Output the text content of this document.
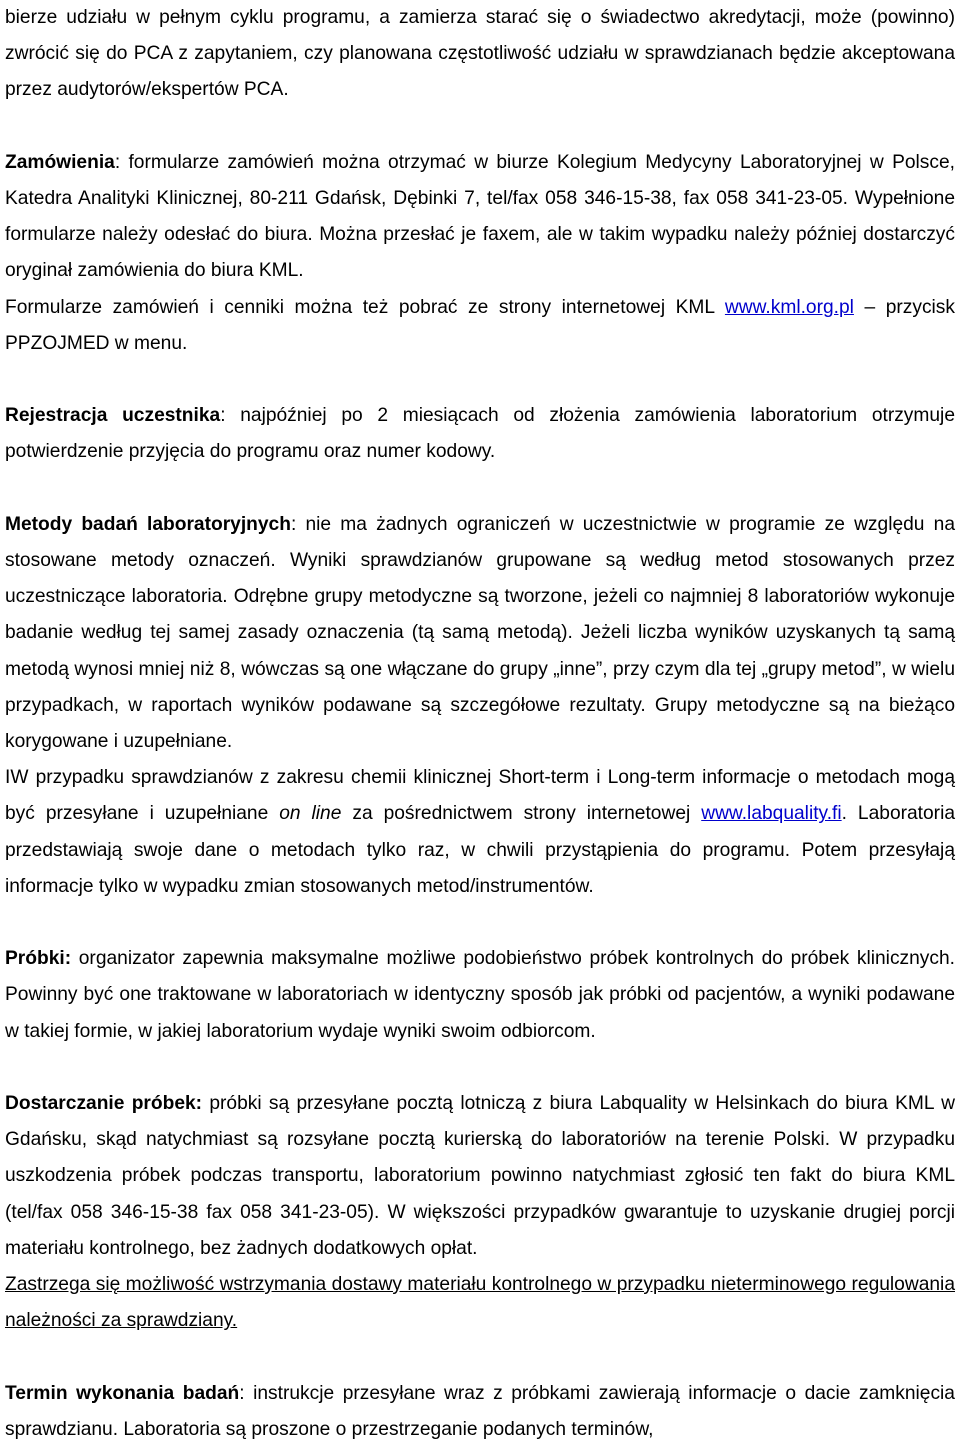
bierze udziału w pełnym cyklu programu, a zamierza starać się o świadectwo akredytacji, może (powinno) zwrócić się do PCA z zapytaniem, czy planowana częstotliwość udziału w sprawdzianach będzie akceptowana przez audytorów/ekspertów PCA.

Zamówienia: formularze zamówień można otrzymać w biurze Kolegium Medycyny Laboratoryjnej w Polsce, Katedra Analityki Klinicznej, 80-211 Gdańsk, Dębinki 7, tel/fax 058 346-15-38, fax 058 341-23-05. Wypełnione formularze należy odesłać do biura. Można przesłać je faxem, ale w takim wypadku należy później dostarczyć oryginał zamówienia do biura KML.

Formularze zamówień i cenniki można też pobrać ze strony internetowej KML www.kml.org.pl – przycisk PPZOJMED w menu.

Rejestracja uczestnika: najpóźniej po 2 miesiącach od złożenia zamówienia laboratorium otrzymuje potwierdzenie przyjęcia do programu oraz numer kodowy.

Metody badań laboratoryjnych: nie ma żadnych ograniczeń w uczestnictwie w programie ze względu na stosowane metody oznaczeń. Wyniki sprawdzianów grupowane są według metod stosowanych przez uczestniczące laboratoria. Odrębne grupy metodyczne są tworzone, jeżeli co najmniej 8 laboratoriów wykonuje badanie według tej samej zasady oznaczenia (tą samą metodą). Jeżeli liczba wyników uzyskanych tą samą metodą wynosi mniej niż 8, wówczas są one włączane do grupy „inne”, przy czym dla tej „grupy metod”, w wielu przypadkach, w raportach wyników podawane są szczegółowe rezultaty. Grupy metodyczne są na bieżąco korygowane i uzupełniane.

IW przypadku sprawdzianów z zakresu chemii klinicznej Short-term i Long-term informacje o metodach mogą być przesyłane i uzupełniane on line za pośrednictwem strony internetowej www.labquality.fi. Laboratoria przedstawiają swoje dane o metodach tylko raz, w chwili przystąpienia do programu. Potem przesyłają informacje tylko w wypadku zmian stosowanych metod/instrumentów.

Próbki: organizator zapewnia maksymalne możliwe podobieństwo próbek kontrolnych do próbek klinicznych. Powinny być one traktowane w laboratoriach w identyczny sposób jak próbki od pacjentów, a wyniki podawane w takiej formie, w jakiej laboratorium wydaje wyniki swoim odbiorcom.

Dostarczanie próbek: próbki są przesyłane pocztą lotniczą z biura Labquality w Helsinkach do biura KML w Gdańsku, skąd natychmiast są rozsyłane pocztą kurierską do laboratoriów na terenie Polski. W przypadku uszkodzenia próbek podczas transportu, laboratorium powinno natychmiast zgłosić ten fakt do biura KML (tel/fax 058 346-15-38 fax 058 341-23-05). W większości przypadków gwarantuje to uzyskanie drugiej porcji materiału kontrolnego, bez żadnych dodatkowych opłat.

Zastrzega się możliwość wstrzymania dostawy materiału kontrolnego w przypadku nieterminowego regulowania należności za sprawdziany.

Termin wykonania badań: instrukcje przesyłane wraz z próbkami zawierają informacje o dacie zamknięcia sprawdzianu. Laboratoria są proszone o przestrzeganie podanych terminów,
